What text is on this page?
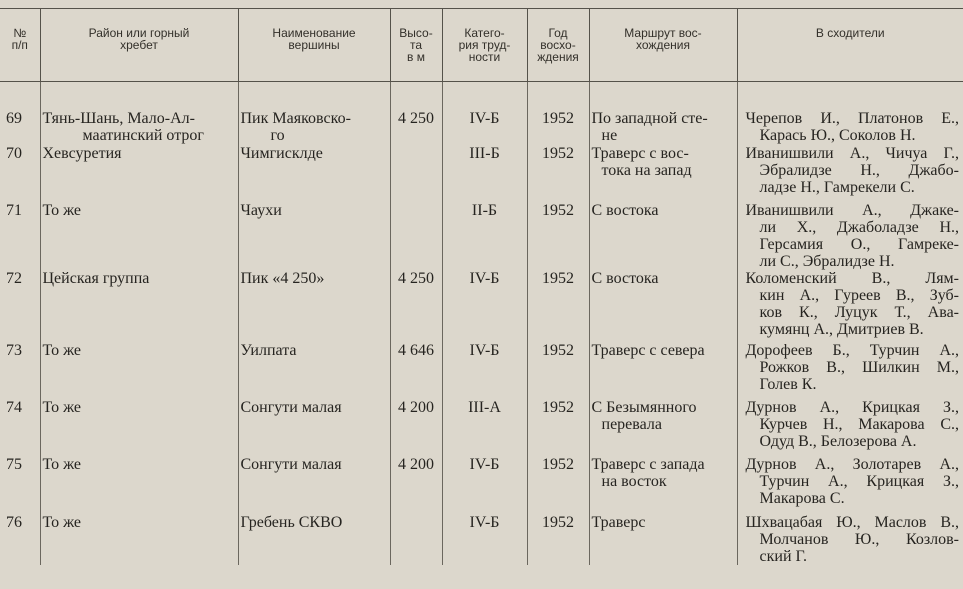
№
п/п	Район или горный
хребет	Наименование
вершины	Высо-
та
в м	Катего-
рия труд-
ности	Год
восхо-
ждения	Маршрут вос-
хождения	В сходители

69	Тянь-Шань, Мало-Ал-
маатинский отрог	Пик Маяковско-
го	4 250	IV-Б	1952	По западной сте-
не	Черепов И., Платонов Е.,
Карась Ю., Соколов Н.

70	Хевсуретия	Чимгисклде		III-Б	1952	Траверс с вос-
тока на запад	Иванишвили А., Чичуа Г.,
Эбралидзе Н., Джабо-
ладзе Н., Гамрекели С.

71	То же	Чаухи		II-Б	1952	С востока	Иванишвили А., Джаке-
ли Х., Джаболадзе Н.,
Герсамия О., Гамреке-
ли С., Эбралидзе Н.

72	Цейская группа	Пик «4 250»	4 250	IV-Б	1952	С востока	Коломенский В., Лям-
кин А., Гуреев В., Зуб-
ков К., Луцук Т., Ава-
кумянц А., Дмитриев В.

73	То же	Уилпата	4 646	IV-Б	1952	Траверс с севера	Дорофеев Б., Турчин А.,
Рожков В., Шилкин М.,
Голев К.

74	То же	Сонгути малая	4 200	III-А	1952	С Безымянного
перевала	Дурнов А., Крицкая З.,
Курчев Н., Макарова С.,
Одуд В., Белозерова А.

75	То же	Сонгути малая	4 200	IV-Б	1952	Траверс с запада
на восток	Дурнов А., Золотарев А.,
Турчин А., Крицкая З.,
Макарова С.

76	То же	Гребень СКВО		IV-Б	1952	Траверс	Шхвацабая Ю., Маслов В.,
Молчанов Ю., Козлов-
ский Г.
